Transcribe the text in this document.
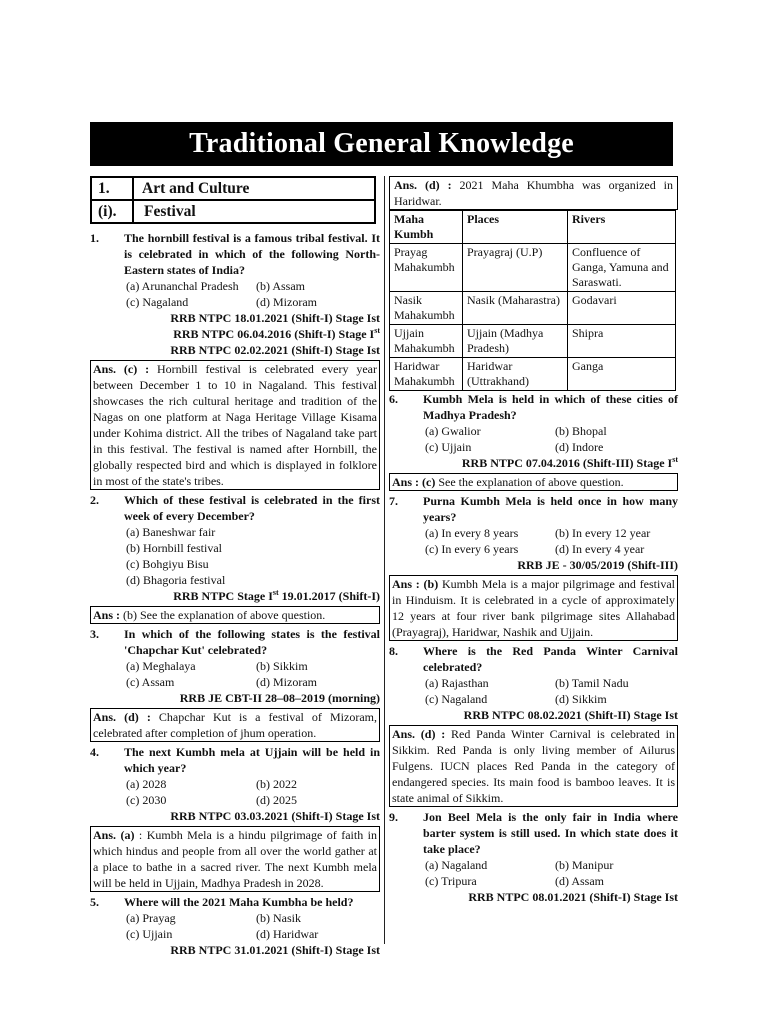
Traditional General Knowledge
1.	Art and Culture
(i).	Festival
1.	The hornbill festival is a famous tribal festival. It is celebrated in which of the following North-Eastern states of India?
(a) Arunanchal Pradesh	(b) Assam
(c) Nagaland	(d) Mizoram
RRB NTPC 18.01.2021 (Shift-I) Stage Ist
RRB NTPC 06.04.2016 (Shift-I) Stage Ist
RRB NTPC 02.02.2021 (Shift-I) Stage Ist
Ans. (c) : Hornbill festival is celebrated every year between December 1 to 10 in Nagaland. This festival showcases the rich cultural heritage and tradition of the Nagas on one platform at Naga Heritage Village Kisama under Kohima district. All the tribes of Nagaland take part in this festival. The festival is named after Hornbill, the globally respected bird and which is displayed in folklore in most of the state's tribes.
2.	Which of these festival is celebrated in the first week of every December?
(a) Baneshwar fair
(b) Hornbill festival
(c) Bohgiyu Bisu
(d) Bhagoria festival
RRB NTPC Stage Ist 19.01.2017 (Shift-I)
Ans : (b) See the explanation of above question.
3.	In which of the following states is the festival 'Chapchar Kut' celebrated?
(a) Meghalaya	(b) Sikkim
(c) Assam	(d) Mizoram
RRB JE CBT-II 28–08–2019 (morning)
Ans. (d) : Chapchar Kut is a festival of Mizoram, celebrated after completion of jhum operation.
4.	The next Kumbh mela at Ujjain will be held in which year?
(a) 2028	(b) 2022
(c) 2030	(d) 2025
RRB NTPC 03.03.2021 (Shift-I) Stage Ist
Ans. (a) : Kumbh Mela is a hindu pilgrimage of faith in which hindus and people from all over the world gather at a place to bathe in a sacred river. The next Kumbh mela will be held in Ujjain, Madhya Pradesh in 2028.
5.	Where will the 2021 Maha Kumbha be held?
(a) Prayag	(b) Nasik
(c) Ujjain	(d) Haridwar
RRB NTPC 31.01.2021 (Shift-I) Stage Ist
Ans. (d) : 2021 Maha Khumbha was organized in Haridwar.
Maha Kumbh	Places	Rivers
Prayag Mahakumbh	Prayagraj (U.P)	Confluence of Ganga, Yamuna and Saraswati.
Nasik Mahakumbh	Nasik (Maharastra)	Godavari
Ujjain Mahakumbh	Ujjain (Madhya Pradesh)	Shipra
Haridwar Mahakumbh	Haridwar (Uttrakhand)	Ganga
6.	Kumbh Mela is held in which of these cities of Madhya Pradesh?
(a) Gwalior	(b) Bhopal
(c) Ujjain	(d) Indore
RRB NTPC 07.04.2016 (Shift-III) Stage Ist
Ans : (c) See the explanation of above question.
7.	Purna Kumbh Mela is held once in how many years?
(a) In every 8 years	(b) In every 12 year
(c) In every 6 years	(d) In every 4 year
RRB JE - 30/05/2019 (Shift-III)
Ans : (b) Kumbh Mela is a major pilgrimage and festival in Hinduism. It is celebrated in a cycle of approximately 12 years at four river bank pilgrimage sites Allahabad (Prayagraj), Haridwar, Nashik and Ujjain.
8.	Where is the Red Panda Winter Carnival celebrated?
(a) Rajasthan	(b) Tamil Nadu
(c) Nagaland	(d) Sikkim
RRB NTPC 08.02.2021 (Shift-II) Stage Ist
Ans. (d) : Red Panda Winter Carnival is celebrated in Sikkim. Red Panda is only living member of Ailurus Fulgens. IUCN places Red Panda in the category of endangered species. Its main food is bamboo leaves. It is state animal of Sikkim.
9.	Jon Beel Mela is the only fair in India where barter system is still used. In which state does it take place?
(a) Nagaland	(b) Manipur
(c) Tripura	(d) Assam
RRB NTPC 08.01.2021 (Shift-I) Stage Ist
